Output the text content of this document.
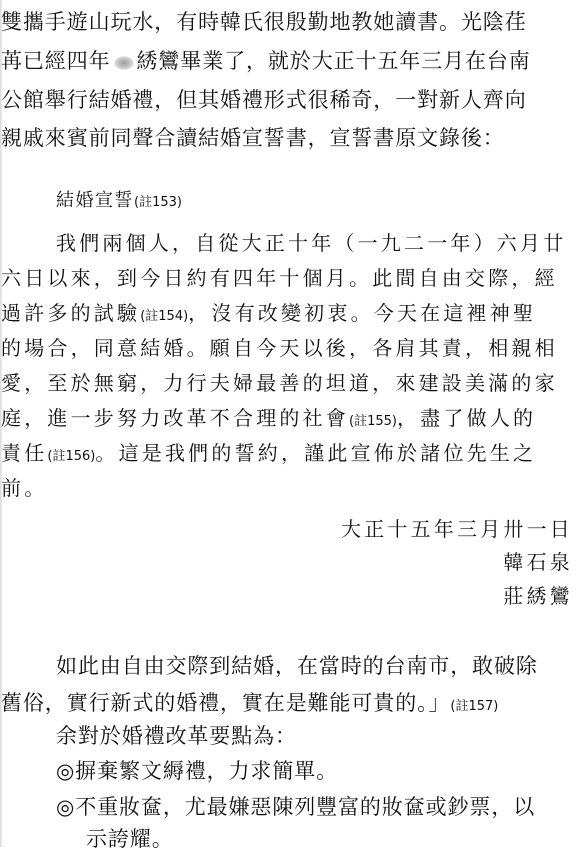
雙攜手遊山玩水，有時韓氏很殷勤地教她讀書。光陰荏
苒已經四年 綉鸞畢業了，就於大正十五年三月在台南
公館舉行結婚禮，但其婚禮形式很稀奇，一對新人齊向
親戚來賓前同聲合讀結婚宣誓書，宣誓書原文錄後：
結婚宣誓(註153)
我們兩個人，自從大正十年（一九二一年）六月廿
六日以來，到今日約有四年十個月。此間自由交際，經
過許多的試驗(註154)，沒有改變初衷。今天在這裡神聖
的場合，同意結婚。願自今天以後，各肩其責，相親相
愛，至於無窮，力行夫婦最善的坦道，來建設美滿的家
庭，進一步努力改革不合理的社會(註155)，盡了做人的
責任(註156)。這是我們的誓約，謹此宣佈於諸位先生之
前。
大正十五年三月卅一日
韓石泉
莊綉鸞
如此由自由交際到結婚，在當時的台南市，敢破除
舊俗，實行新式的婚禮，實在是難能可貴的。」(註157)
余對於婚禮改革要點為：
◎摒棄繁文縟禮，力求簡單。
◎不重妝奩，尤最嫌惡陳列豐富的妝奩或鈔票，以
示誇耀。
